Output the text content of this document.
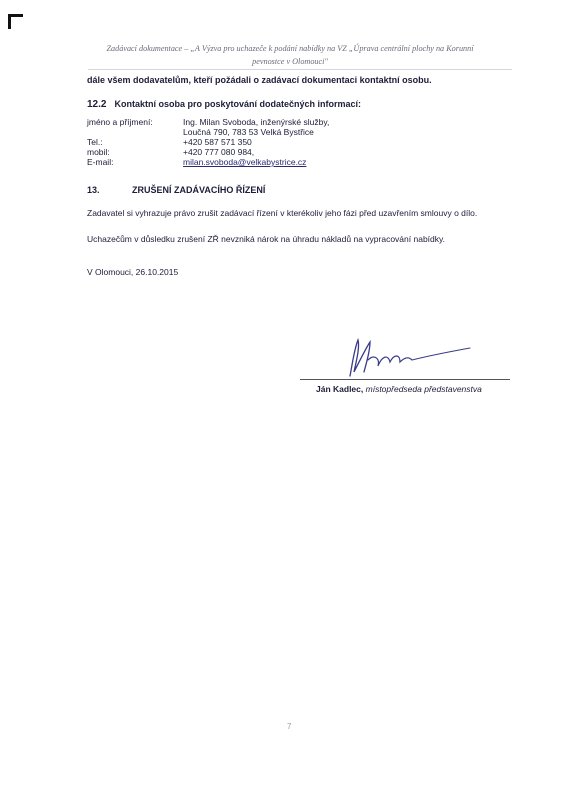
Zadávací dokumentace – „A Výzva pro uchazeče k podání nabídky na VZ „Úprava centrální plochy na Korunní
pevnostce v Olomouci"
dále všem dodavatelům, kteří požádali o zadávací dokumentaci kontaktní osobu.
12.2 Kontaktní osoba pro poskytování dodatečných informací:
jméno a příjmení:	Ing. Milan Svoboda, inženýrské služby,
Loučná 790, 783 53 Velká Bystřice
Tel.:	+420 587 571 350
mobil:	+420 777 080 984,
E-mail:	milan.svoboda@velkabystrice.cz
13.	ZRUŠENÍ ZADÁVACÍHO ŘÍZENÍ
Zadavatel si vyhrazuje právo zrušit zadávací řízení v kterékoliv jeho fázi před uzavřením smlouvy o dílo.
Uchazečům v důsledku zrušení ZŘ nevzniká nárok na úhradu nákladů na vypracování nabídky.
V Olomouci, 26.10.2015
Ján Kadlec, místopředseda představenstva
7
